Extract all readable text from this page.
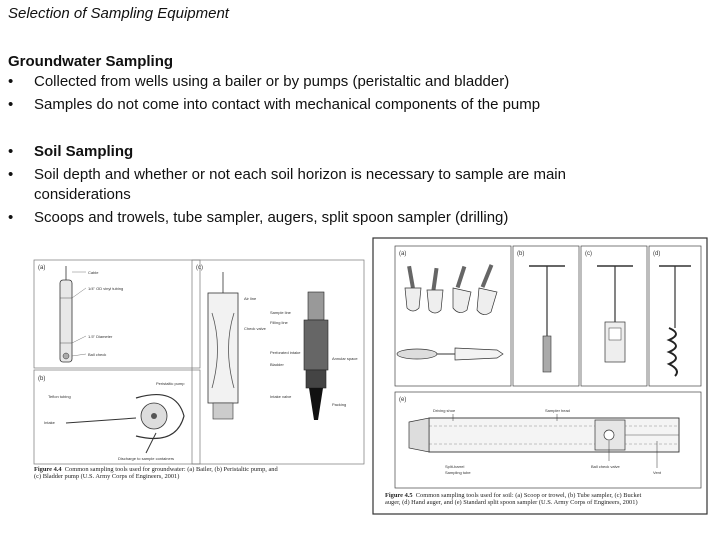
Selection of Sampling Equipment
Groundwater Sampling
•	Collected from wells using a bailer or by pumps (peristaltic and bladder)
•	Samples do not come into contact with mechanical components of the pump
•	Soil Sampling
•	Soil depth and whether or not each soil horizon is necessary to sample are main
considerations
•	Scoops and trowels, tube sampler, augers, split spoon sampler (drilling)
(a)
(b)
(c)
Cable
1/4" OD vinyl tubing
1.5" Diameter
Ball check
Peristaltic pump
Teflon tubing
Intake
Discharge to sample containers
Air line
Sample line
Filling line
Check valve
Perforated intake
Bladder
Annular space
Intake valve
Packing
Figure 4.4 Common sampling tools used for groundwater: (a) Bailer, (b) Peristaltic pump, and
(c) Bladder pump (U.S. Army Corps of Engineers, 2001)
(a)	(b)	(c)	(d)
(e)
Driving shoe	Sampler head
Split-barrel
Sampling tube
Ball check valve
Vent
Figure 4.5 Common sampling tools used for soil: (a) Scoop or trowel, (b) Tube sampler, (c) Bucket
auger, (d) Hand auger, and (e) Standard split spoon sampler (U.S. Army Corps of Engineers, 2001)
